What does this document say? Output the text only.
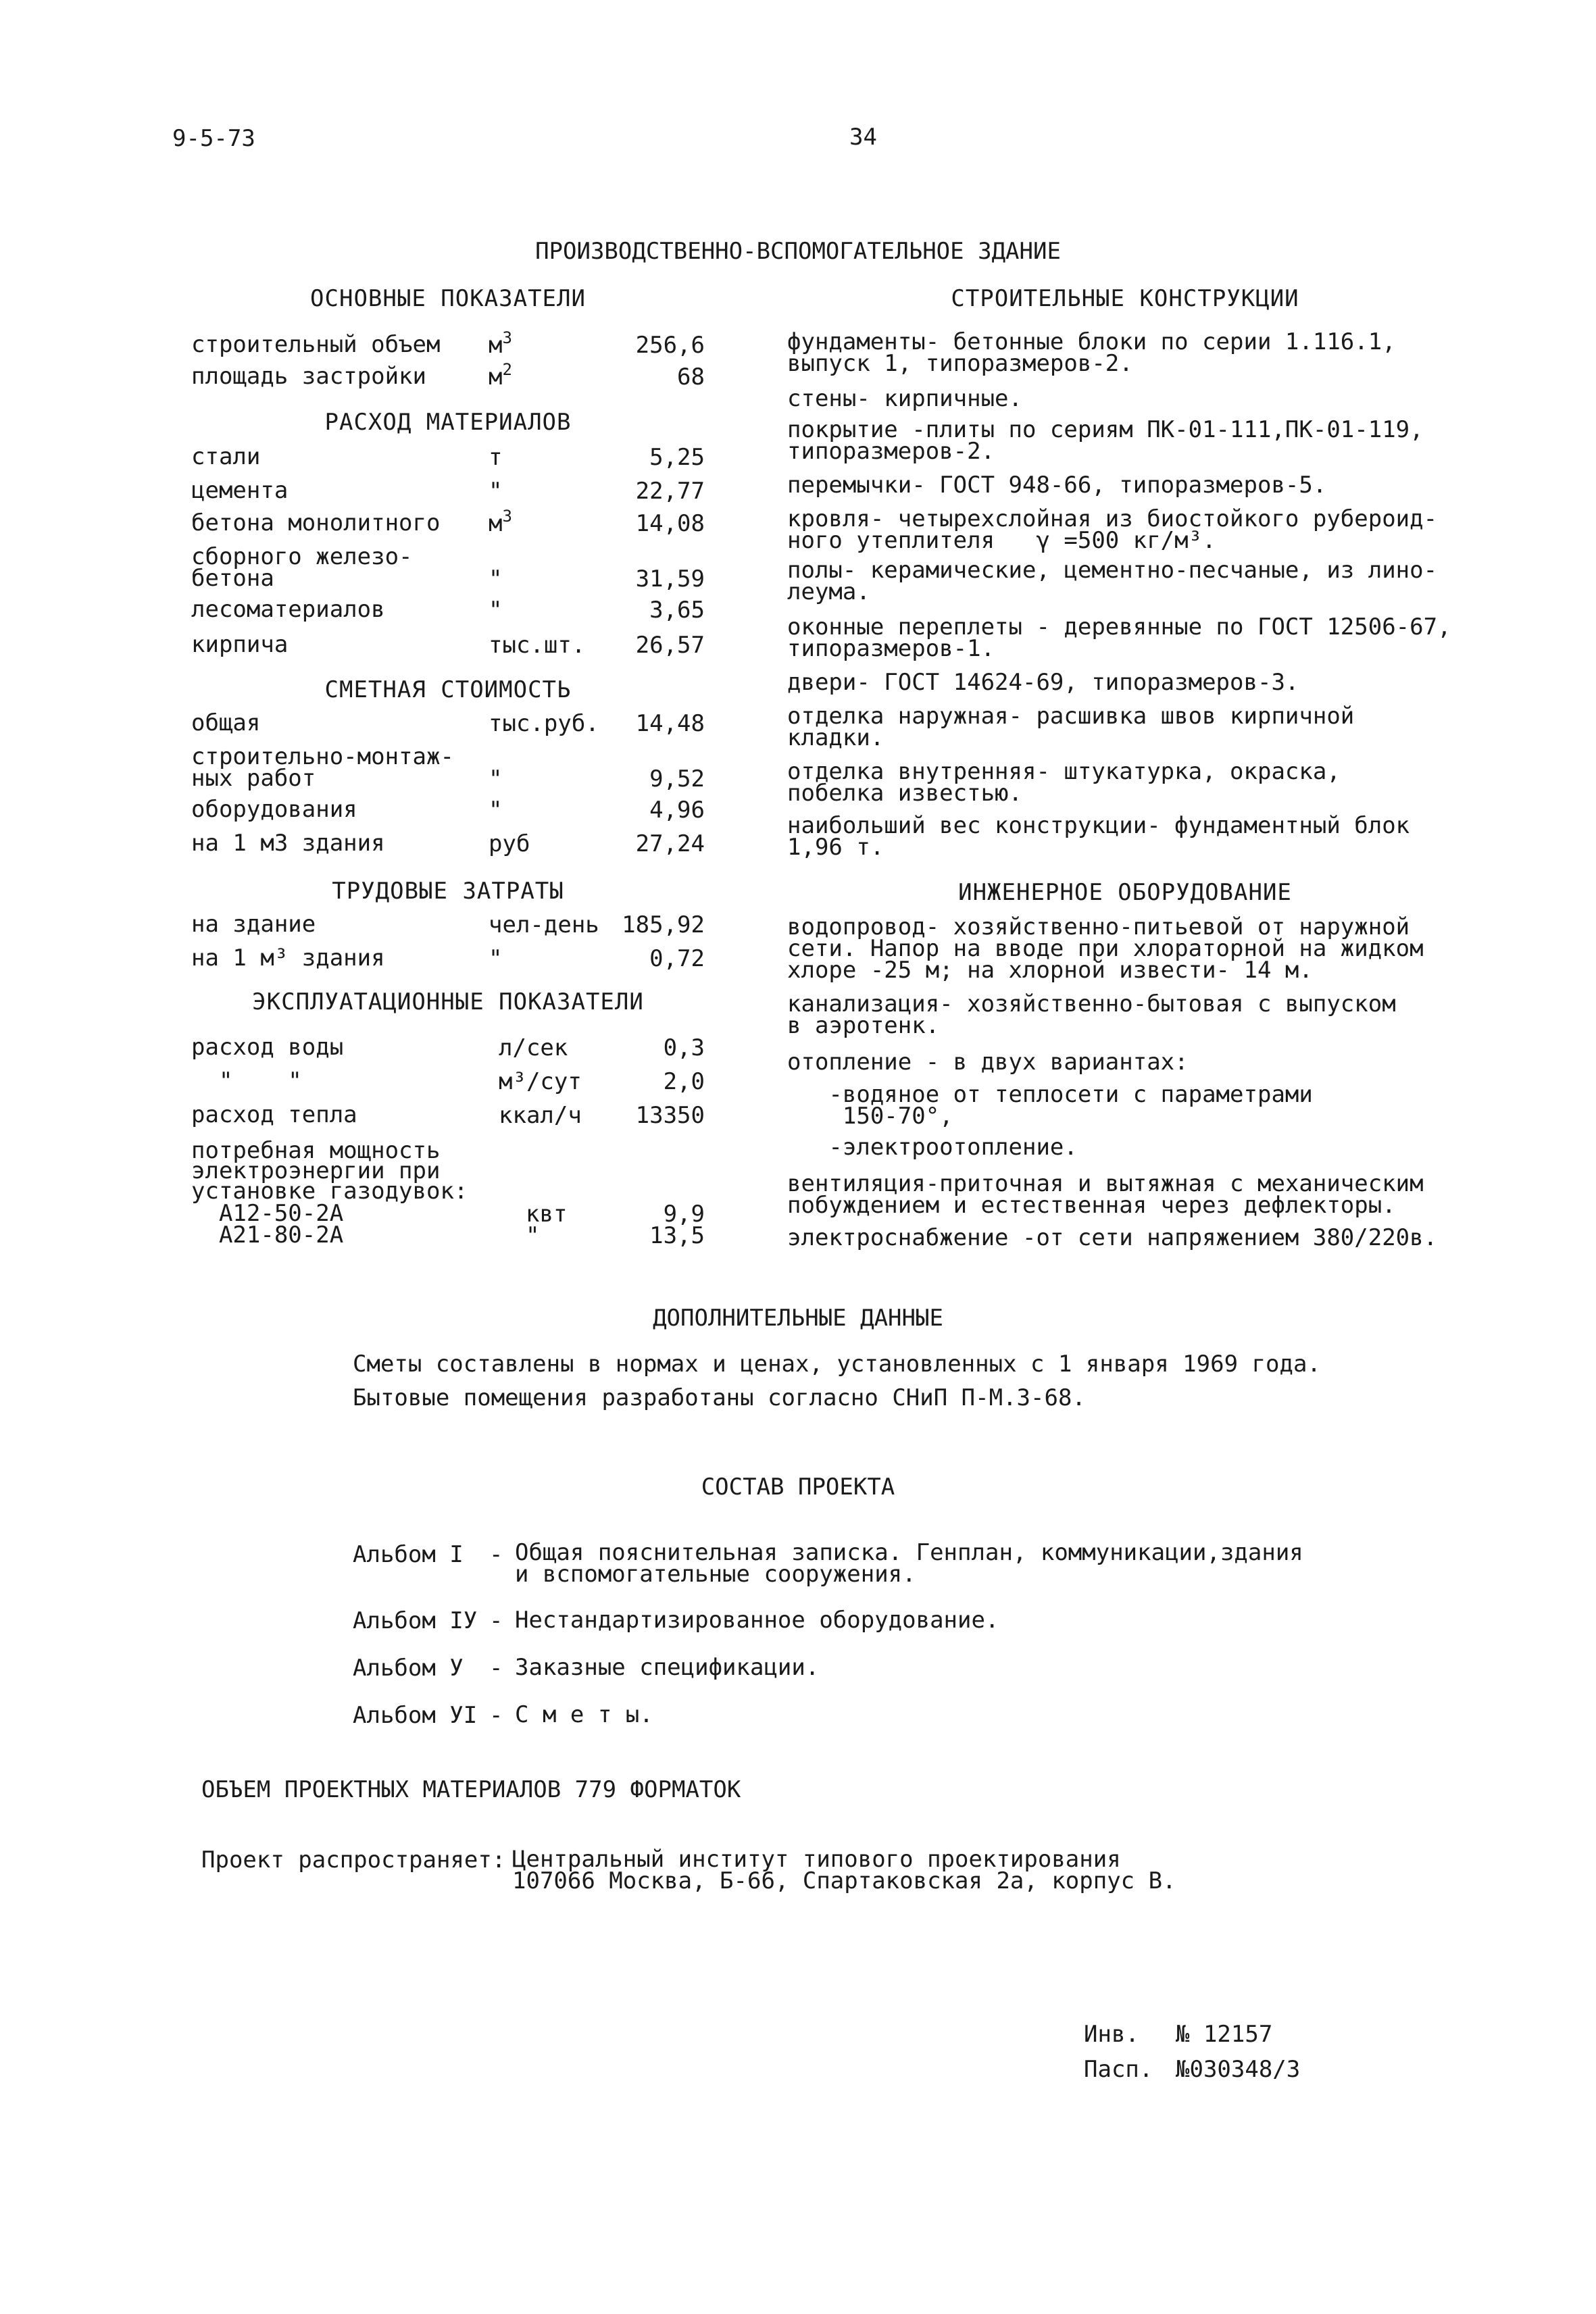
9-5-73	34
ПРОИЗВОДСТВЕННО-ВСПОМОГАТЕЛЬНОЕ ЗДАНИЕ
ОСНОВНЫЕ ПОКАЗАТЕЛИ
строительный объем $м^3$	256,6
площадь застройки	$м^2$	68
РАСХОД МАТЕРИАЛОВ
стали	т	5,25
цемента	"	22,77
бетона монолитного $м^3$	14,08
сборного железо-
бетона	"	31,59
лесоматериалов	"	3,65
кирпича	тыс.шт. 26,57
СМЕТНАЯ СТОИМОСТЬ
общая	тыс.руб. 14,48
строительно-монтаж-
ных работ	"	9,52
оборудования	"	4,96
на 1 м3 здания	руб	27,24
ТРУДОВЫЕ ЗАТРАТЫ
на здание	чел-день 185,92
на 1 м³ здания	"	0,72
ЭКСПЛУАТАЦИОННЫЕ ПОКАЗАТЕЛИ
расход воды	л/сек	0,3
"    "	м³/сут	2,0
расход тепла	ккал/ч 13350
потребная мощность
электроэнергии при
установке газодувок:
А12-50-2А	квт	9,9
А21-80-2А	"	13,5
СТРОИТЕЛЬНЫЕ КОНСТРУКЦИИ
фундаменты- бетонные блоки по серии 1.116.1,
выпуск 1, типоразмеров-2.
стены- кирпичные.
покрытие -плиты по сериям ПК-01-111,ПК-01-119,
типоразмеров-2.
перемычки- ГОСТ 948-66, типоразмеров-5.
кровля- четырехслойная из биостойкого рубероид-
ного утеплителя   γ =500 кг/м³.
полы- керамические, цементно-песчаные, из лино-
леума.
оконные переплеты - деревянные по ГОСТ 12506-67,
типоразмеров-1.
двери- ГОСТ 14624-69, типоразмеров-3.
отделка наружная- расшивка швов кирпичной
кладки.
отделка внутренняя- штукатурка, окраска,
побелка известью.
наибольший вес конструкции- фундаментный блок
1,96 т.
ИНЖЕНЕРНОЕ ОБОРУДОВАНИЕ
водопровод- хозяйственно-питьевой от наружной
сети. Напор на вводе при хлораторной на жидком
хлоре -25 м; на хлорной извести- 14 м.
канализация- хозяйственно-бытовая с выпуском
в аэротенк.
отопление - в двух вариантах:
-водяное от теплосети с параметрами
150-70°,
-электроотопление.
вентиляция-приточная и вытяжная с механическим
побуждением и естественная через дефлекторы.
электроснабжение -от сети напряжением 380/220в.
ДОПОЛНИТЕЛЬНЫЕ ДАННЫЕ
Сметы составлены в нормах и ценах, установленных с 1 января 1969 года.
Бытовые помещения разработаны согласно СНиП П-М.3-68.
СОСТАВ ПРОЕКТА
Альбом I - Общая пояснительная записка. Генплан, коммуникации,здания
и вспомогательные сооружения.
Альбом IУ - Нестандартизированное оборудование.
Альбом У - Заказные спецификации.
Альбом УI - С м е т ы.
ОБЪЕМ ПРОЕКТНЫХ МАТЕРИАЛОВ 779 ФОРМАТОК
Проект распространяет: Центральный институт типового проектирования
107066 Москва, Б-66, Спартаковская 2а, корпус В.
Инв. № 12157
Пасп. №030348/3
